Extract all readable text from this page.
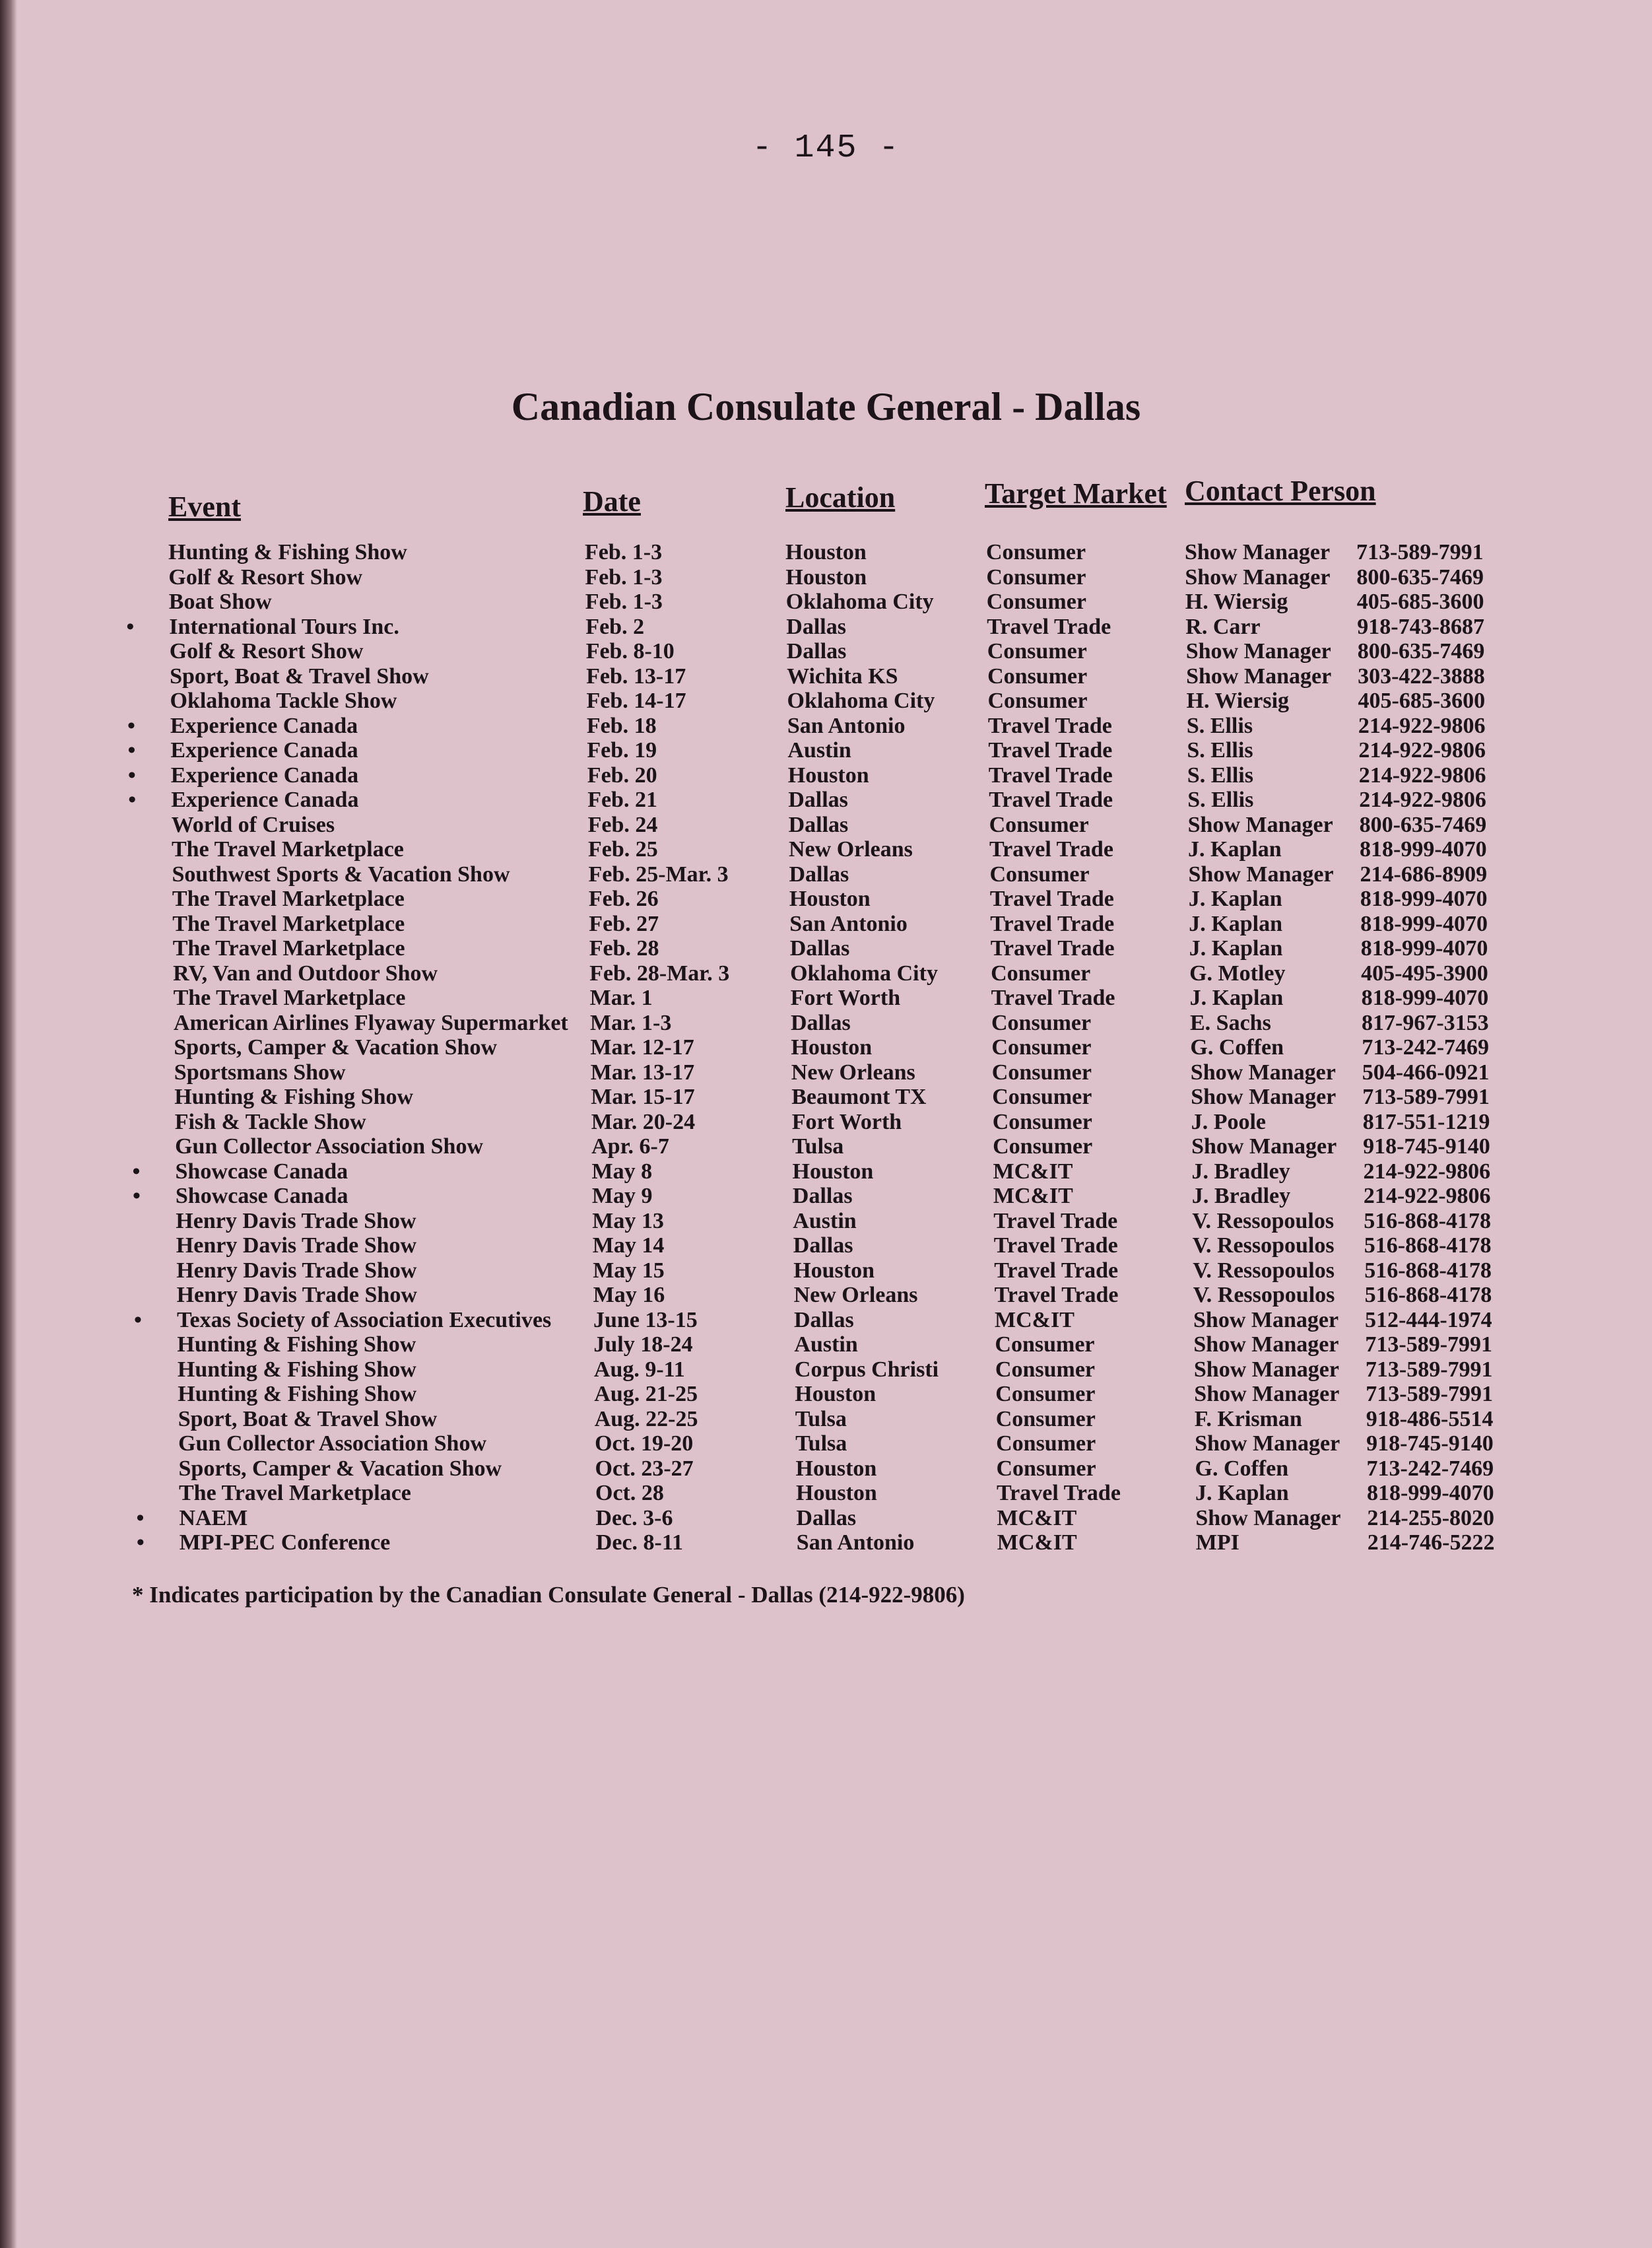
- 145 -
Canadian Consulate General - Dallas
Event	Date	Location	Target Market Contact Person
Hunting & Fishing Show	Feb. 1-3	Houston	Consumer	Show Manager 713-589-7991
Golf & Resort Show	Feb. 1-3	Houston	Consumer	Show Manager 800-635-7469
Boat Show	Feb. 1-3	Oklahoma City Consumer	H. Wiersig	405-685-3600
• International Tours Inc.	Feb. 2	Dallas	Travel Trade	R. Carr	918-743-8687
Golf & Resort Show	Feb. 8-10	Dallas	Consumer	Show Manager 800-635-7469
Sport, Boat & Travel Show	Feb. 13-17	Wichita KS	Consumer	Show Manager 303-422-3888
Oklahoma Tackle Show	Feb. 14-17	Oklahoma City Consumer	H. Wiersig	405-685-3600
• Experience Canada	Feb. 18	San Antonio	Travel Trade	S. Ellis	214-922-9806
• Experience Canada	Feb. 19	Austin	Travel Trade	S. Ellis	214-922-9806
• Experience Canada	Feb. 20	Houston	Travel Trade	S. Ellis	214-922-9806
• Experience Canada	Feb. 21	Dallas	Travel Trade	S. Ellis	214-922-9806
World of Cruises	Feb. 24	Dallas	Consumer	Show Manager 800-635-7469
The Travel Marketplace	Feb. 25	New Orleans	Travel Trade	J. Kaplan	818-999-4070
Southwest Sports & Vacation Show	Feb. 25-Mar. 3	Dallas	Consumer	Show Manager 214-686-8909
The Travel Marketplace	Feb. 26	Houston	Travel Trade	J. Kaplan	818-999-4070
The Travel Marketplace	Feb. 27	San Antonio	Travel Trade	J. Kaplan	818-999-4070
The Travel Marketplace	Feb. 28	Dallas	Travel Trade	J. Kaplan	818-999-4070
RV, Van and Outdoor Show	Feb. 28-Mar. 3	Oklahoma City Consumer	G. Motley	405-495-3900
The Travel Marketplace	Mar. 1	Fort Worth	Travel Trade	J. Kaplan	818-999-4070
American Airlines Flyaway Supermarket Mar. 1-3	Dallas	Consumer	E. Sachs	817-967-3153
Sports, Camper & Vacation Show	Mar. 12-17	Houston	Consumer	G. Coffen	713-242-7469
Sportsmans Show	Mar. 13-17	New Orleans	Consumer	Show Manager 504-466-0921
Hunting & Fishing Show	Mar. 15-17	Beaumont TX	Consumer	Show Manager 713-589-7991
Fish & Tackle Show	Mar. 20-24	Fort Worth	Consumer	J. Poole	817-551-1219
Gun Collector Association Show	Apr. 6-7	Tulsa	Consumer	Show Manager 918-745-9140
• Showcase Canada	May 8	Houston	MC&IT	J. Bradley	214-922-9806
• Showcase Canada	May 9	Dallas	MC&IT	J. Bradley	214-922-9806
Henry Davis Trade Show	May 13	Austin	Travel Trade	V. Ressopoulos 516-868-4178
Henry Davis Trade Show	May 14	Dallas	Travel Trade	V. Ressopoulos 516-868-4178
Henry Davis Trade Show	May 15	Houston	Travel Trade	V. Ressopoulos 516-868-4178
Henry Davis Trade Show	May 16	New Orleans	Travel Trade	V. Ressopoulos 516-868-4178
• Texas Society of Association Executives June 13-15	Dallas	MC&IT	Show Manager 512-444-1974
Hunting & Fishing Show	July 18-24	Austin	Consumer	Show Manager 713-589-7991
Hunting & Fishing Show	Aug. 9-11	Corpus Christi	Consumer	Show Manager 713-589-7991
Hunting & Fishing Show	Aug. 21-25	Houston	Consumer	Show Manager 713-589-7991
Sport, Boat & Travel Show	Aug. 22-25	Tulsa	Consumer	F. Krisman	918-486-5514
Gun Collector Association Show	Oct. 19-20	Tulsa	Consumer	Show Manager 918-745-9140
Sports, Camper & Vacation Show	Oct. 23-27	Houston	Consumer	G. Coffen	713-242-7469
The Travel Marketplace	Oct. 28	Houston	Travel Trade	J. Kaplan	818-999-4070
• NAEM	Dec. 3-6	Dallas	MC&IT	Show Manager 214-255-8020
• MPI-PEC Conference	Dec. 8-11	San Antonio	MC&IT	MPI	214-746-5222
* Indicates participation by the Canadian Consulate General - Dallas (214-922-9806)
